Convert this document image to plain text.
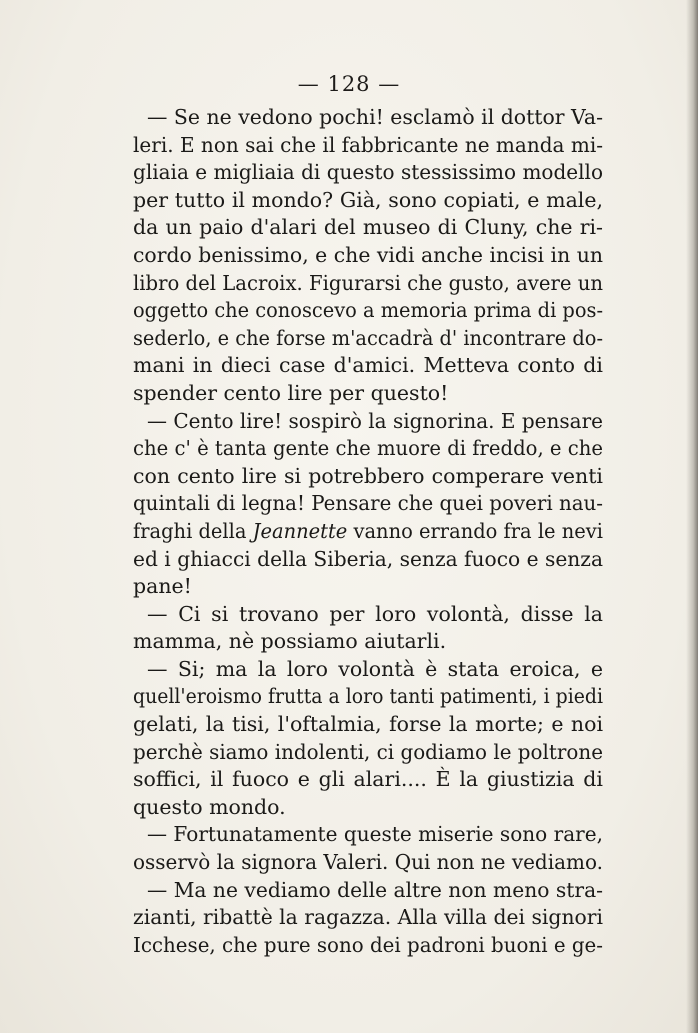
— 128 —
— Se ne vedono pochi! esclamò il dottor Va-
leri. E non sai che il fabbricante ne manda mi-
gliaia e migliaia di questo stessissimo modello
per tutto il mondo? Già, sono copiati, e male,
da un paio d'alari del museo di Cluny, che ri-
cordo benissimo, e che vidi anche incisi in un
libro del Lacroix. Figurarsi che gusto, avere un
oggetto che conoscevo a memoria prima di pos-
sederlo, e che forse m'accadrà d' incontrare do-
mani in dieci case d'amici. Metteva conto di
spender cento lire per questo!
— Cento lire! sospirò la signorina. E pensare
che c' è tanta gente che muore di freddo, e che
con cento lire si potrebbero comperare venti
quintali di legna! Pensare che quei poveri nau-
fraghi della Jeannette vanno errando fra le nevi
ed i ghiacci della Siberia, senza fuoco e senza
pane!
— Ci si trovano per loro volontà, disse la
mamma, nè possiamo aiutarli.
— Si; ma la loro volontà è stata eroica, e
quell'eroismo frutta a loro tanti patimenti, i piedi
gelati, la tisi, l'oftalmia, forse la morte; e noi
perchè siamo indolenti, ci godiamo le poltrone
soffici, il fuoco e gli alari.... È la giustizia di
questo mondo.
— Fortunatamente queste miserie sono rare,
osservò la signora Valeri. Qui non ne vediamo.
— Ma ne vediamo delle altre non meno stra-
zianti, ribattè la ragazza. Alla villa dei signori
Icchese, che pure sono dei padroni buoni e ge-
